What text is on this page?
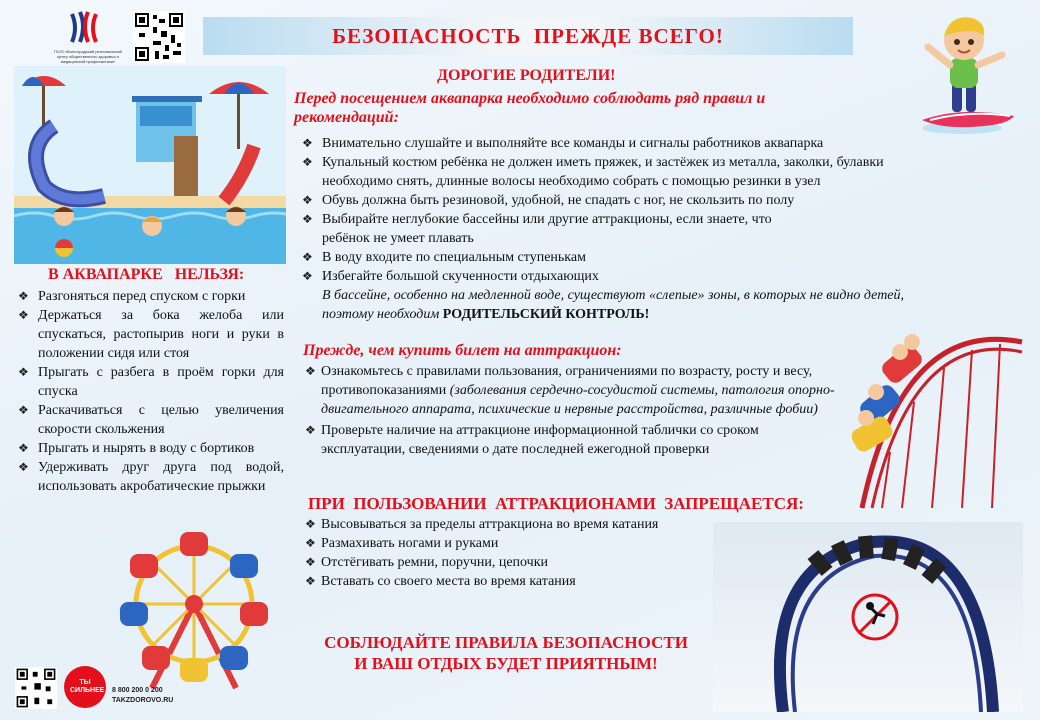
ГБУЗ «Волгоградский региональный центр общественного здоровья и медицинской профилактики»
БЕЗОПАСНОСТЬ  ПРЕЖДЕ ВСЕГО!
ДОРОГИЕ РОДИТЕЛИ!
Перед посещением аквапарка необходимо соблюдать ряд правил и рекомендаций:
❖ Внимательно слушайте и выполняйте все команды и сигналы работников аквапарка
❖ Купальный костюм ребёнка не должен иметь пряжек, и застёжек из металла, заколки, булавки необходимо снять, длинные волосы необходимо собрать с помощью резинки в узел
❖ Обувь должна быть резиновой, удобной, не спадать с ног, не скользить по полу
❖ Выбирайте неглубокие бассейны или другие аттракционы, если знаете, что ребёнок не умеет плавать
❖ В воду входите по специальным ступенькам
❖ Избегайте большой скученности отдыхающих
В бассейне, особенно на медленной воде, существуют «слепые» зоны, в которых не видно детей, поэтому необходим РОДИТЕЛЬСКИЙ КОНТРОЛЬ!
В АКВАПАРКЕ   НЕЛЬЗЯ:
❖ Разгоняться перед спуском с горки
❖ Держаться за бока желоба или спускаться, растопырив ноги и руки в положении сидя или стоя
❖ Прыгать с разбега в проём горки для спуска
❖ Раскачиваться с целью увеличения скорости скольжения
❖ Прыгать и нырять в воду с бортиков
❖ Удерживать друг друга под водой, использовать акробатические прыжки
Прежде, чем купить билет на аттракцион:
❖ Ознакомьтесь с правилами пользования, ограничениями по возрасту, росту и весу, противопоказаниями (заболевания сердечно-сосудистой системы, патология опорно-двигательного аппарата, психические и нервные расстройства, различные фобии)
❖ Проверьте наличие на аттракционе информационной таблички со сроком эксплуатации, сведениями о дате последней ежегодной проверки
ПРИ  ПОЛЬЗОВАНИИ  АТТРАКЦИОНАМИ  ЗАПРЕЩАЕТСЯ:
❖ Высовываться за пределы аттракциона во время катания
❖ Размахивать ногами и руками
❖ Отстёгивать ремни, поручни, цепочки
❖ Вставать со своего места во время катания
СОБЛЮДАЙТЕ ПРАВИЛА БЕЗОПАСНОСТИ
И ВАШ ОТДЫХ БУДЕТ ПРИЯТНЫМ!
ТЫ СИЛЬНЕЕ 8 800 200 0 200
TAKZDOROVO.RU
